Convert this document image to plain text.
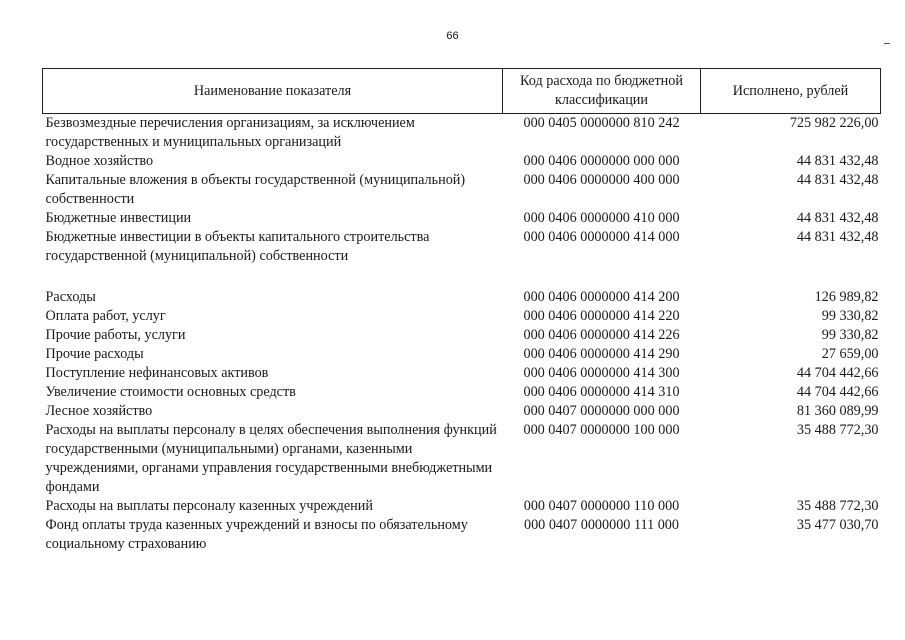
66
Наименование показателя	Код расхода по бюджетной классификации	Исполнено, рублей
Безвозмездные перечисления организациям, за исключением государственных и муниципальных организаций	000 0405 0000000 810 242	725 982 226,00
Водное хозяйство	000 0406 0000000 000 000	44 831 432,48
Капитальные вложения в объекты государственной (муниципальной) собственности	000 0406 0000000 400 000	44 831 432,48
Бюджетные инвестиции	000 0406 0000000 410 000	44 831 432,48
Бюджетные инвестиции в объекты капитального строительства государственной (муниципальной) собственности	000 0406 0000000 414 000	44 831 432,48

Расходы	000 0406 0000000 414 200	126 989,82
Оплата работ, услуг	000 0406 0000000 414 220	99 330,82
Прочие работы, услуги	000 0406 0000000 414 226	99 330,82
Прочие расходы	000 0406 0000000 414 290	27 659,00
Поступление нефинансовых активов	000 0406 0000000 414 300	44 704 442,66
Увеличение стоимости основных средств	000 0406 0000000 414 310	44 704 442,66
Лесное хозяйство	000 0407 0000000 000 000	81 360 089,99
Расходы на выплаты персоналу в целях обеспечения выполнения функций государственными (муниципальными) органами, казенными учреждениями, органами управления государственными внебюджетными фондами	000 0407 0000000 100 000	35 488 772,30
Расходы на выплаты персоналу казенных учреждений	000 0407 0000000 110 000	35 488 772,30
Фонд оплаты труда казенных учреждений и взносы по обязательному социальному страхованию	000 0407 0000000 111 000	35 477 030,70
